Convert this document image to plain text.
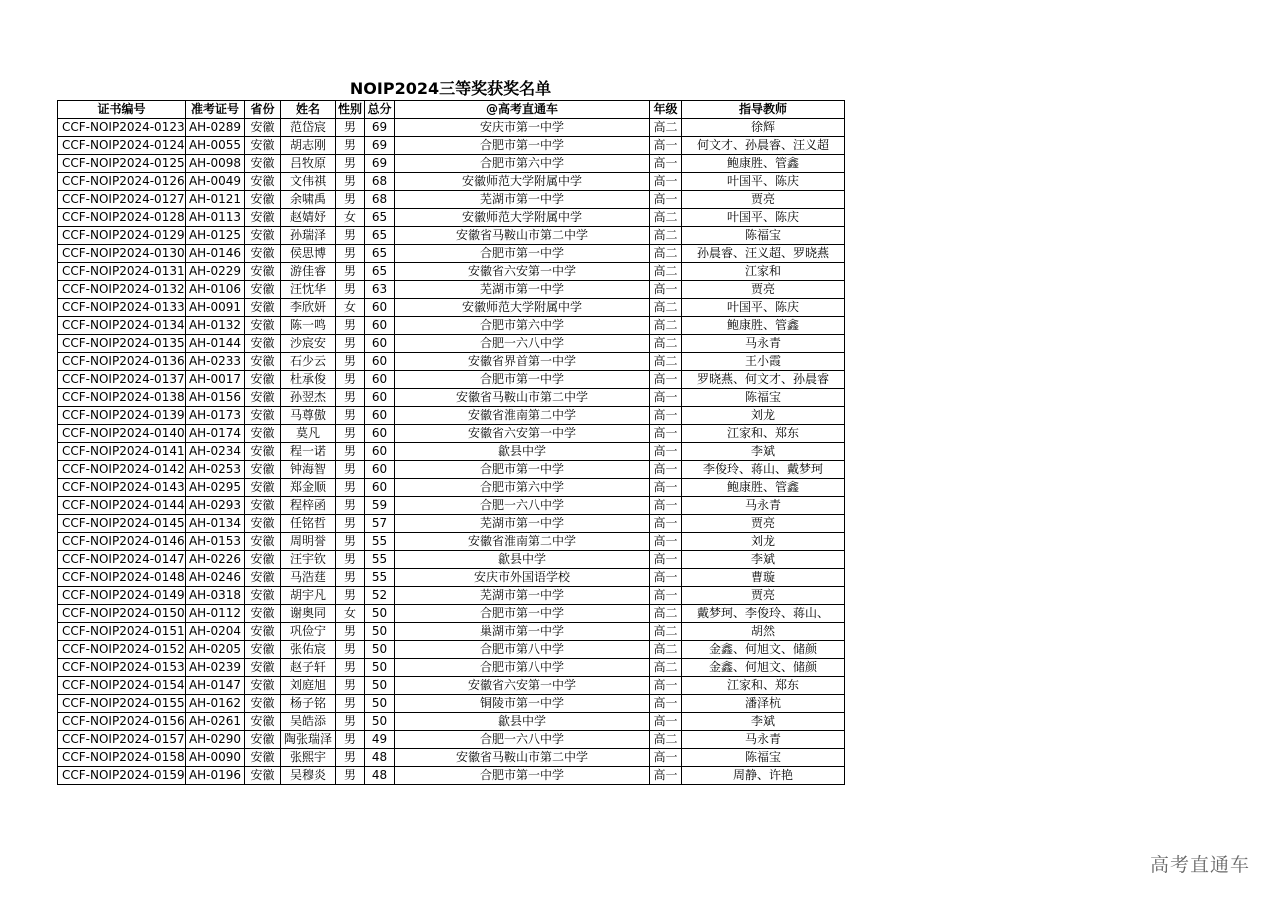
NOIP2024三等奖获奖名单
证书编号	准考证号	省份	姓名	性别	总分	@高考直通车	年级	指导教师
CCF-NOIP2024-0123	AH-0289	安徽	范岱宸	男	69	安庆市第一中学	高二	徐辉
CCF-NOIP2024-0124	AH-0055	安徽	胡志刚	男	69	合肥市第一中学	高一	何文才、孙晨睿、汪义超
CCF-NOIP2024-0125	AH-0098	安徽	吕牧原	男	69	合肥市第六中学	高一	鲍康胜、管鑫
CCF-NOIP2024-0126	AH-0049	安徽	文伟祺	男	68	安徽师范大学附属中学	高一	叶国平、陈庆
CCF-NOIP2024-0127	AH-0121	安徽	余啸禹	男	68	芜湖市第一中学	高一	贾亮
CCF-NOIP2024-0128	AH-0113	安徽	赵婧妤	女	65	安徽师范大学附属中学	高二	叶国平、陈庆
CCF-NOIP2024-0129	AH-0125	安徽	孙瑞泽	男	65	安徽省马鞍山市第二中学	高二	陈福宝
CCF-NOIP2024-0130	AH-0146	安徽	侯思博	男	65	合肥市第一中学	高二	孙晨睿、汪义超、罗晓燕
CCF-NOIP2024-0131	AH-0229	安徽	游佳睿	男	65	安徽省六安第一中学	高二	江家和
CCF-NOIP2024-0132	AH-0106	安徽	汪忱华	男	63	芜湖市第一中学	高一	贾亮
CCF-NOIP2024-0133	AH-0091	安徽	李欣妍	女	60	安徽师范大学附属中学	高二	叶国平、陈庆
CCF-NOIP2024-0134	AH-0132	安徽	陈一鸣	男	60	合肥市第六中学	高二	鲍康胜、管鑫
CCF-NOIP2024-0135	AH-0144	安徽	沙宸安	男	60	合肥一六八中学	高二	马永青
CCF-NOIP2024-0136	AH-0233	安徽	石少云	男	60	安徽省界首第一中学	高二	王小霞
CCF-NOIP2024-0137	AH-0017	安徽	杜承俊	男	60	合肥市第一中学	高一	罗晓燕、何文才、孙晨睿
CCF-NOIP2024-0138	AH-0156	安徽	孙翌杰	男	60	安徽省马鞍山市第二中学	高一	陈福宝
CCF-NOIP2024-0139	AH-0173	安徽	马尊傲	男	60	安徽省淮南第二中学	高一	刘龙
CCF-NOIP2024-0140	AH-0174	安徽	莫凡	男	60	安徽省六安第一中学	高一	江家和、郑东
CCF-NOIP2024-0141	AH-0234	安徽	程一诺	男	60	歙县中学	高一	李斌
CCF-NOIP2024-0142	AH-0253	安徽	钟海智	男	60	合肥市第一中学	高一	李俊玲、蒋山、戴梦珂
CCF-NOIP2024-0143	AH-0295	安徽	郑金顺	男	60	合肥市第六中学	高一	鲍康胜、管鑫
CCF-NOIP2024-0144	AH-0293	安徽	程梓函	男	59	合肥一六八中学	高一	马永青
CCF-NOIP2024-0145	AH-0134	安徽	任铭哲	男	57	芜湖市第一中学	高一	贾亮
CCF-NOIP2024-0146	AH-0153	安徽	周明誉	男	55	安徽省淮南第二中学	高一	刘龙
CCF-NOIP2024-0147	AH-0226	安徽	汪宇钦	男	55	歙县中学	高一	李斌
CCF-NOIP2024-0148	AH-0246	安徽	马浩莛	男	55	安庆市外国语学校	高一	曹璇
CCF-NOIP2024-0149	AH-0318	安徽	胡宇凡	男	52	芜湖市第一中学	高一	贾亮
CCF-NOIP2024-0150	AH-0112	安徽	谢奥同	女	50	合肥市第一中学	高二	戴梦珂、李俊玲、蒋山、
CCF-NOIP2024-0151	AH-0204	安徽	巩俭宁	男	50	巢湖市第一中学	高二	胡然
CCF-NOIP2024-0152	AH-0205	安徽	张佑宸	男	50	合肥市第八中学	高二	金鑫、何旭文、储颜
CCF-NOIP2024-0153	AH-0239	安徽	赵子轩	男	50	合肥市第八中学	高二	金鑫、何旭文、储颜
CCF-NOIP2024-0154	AH-0147	安徽	刘庭旭	男	50	安徽省六安第一中学	高一	江家和、郑东
CCF-NOIP2024-0155	AH-0162	安徽	杨子铭	男	50	铜陵市第一中学	高一	潘泽杭
CCF-NOIP2024-0156	AH-0261	安徽	吴皓添	男	50	歙县中学	高一	李斌
CCF-NOIP2024-0157	AH-0290	安徽	陶张瑞泽	男	49	合肥一六八中学	高二	马永青
CCF-NOIP2024-0158	AH-0090	安徽	张熙宇	男	48	安徽省马鞍山市第二中学	高一	陈福宝
CCF-NOIP2024-0159	AH-0196	安徽	吴穆炎	男	48	合肥市第一中学	高一	周静、许艳
高考直通车
